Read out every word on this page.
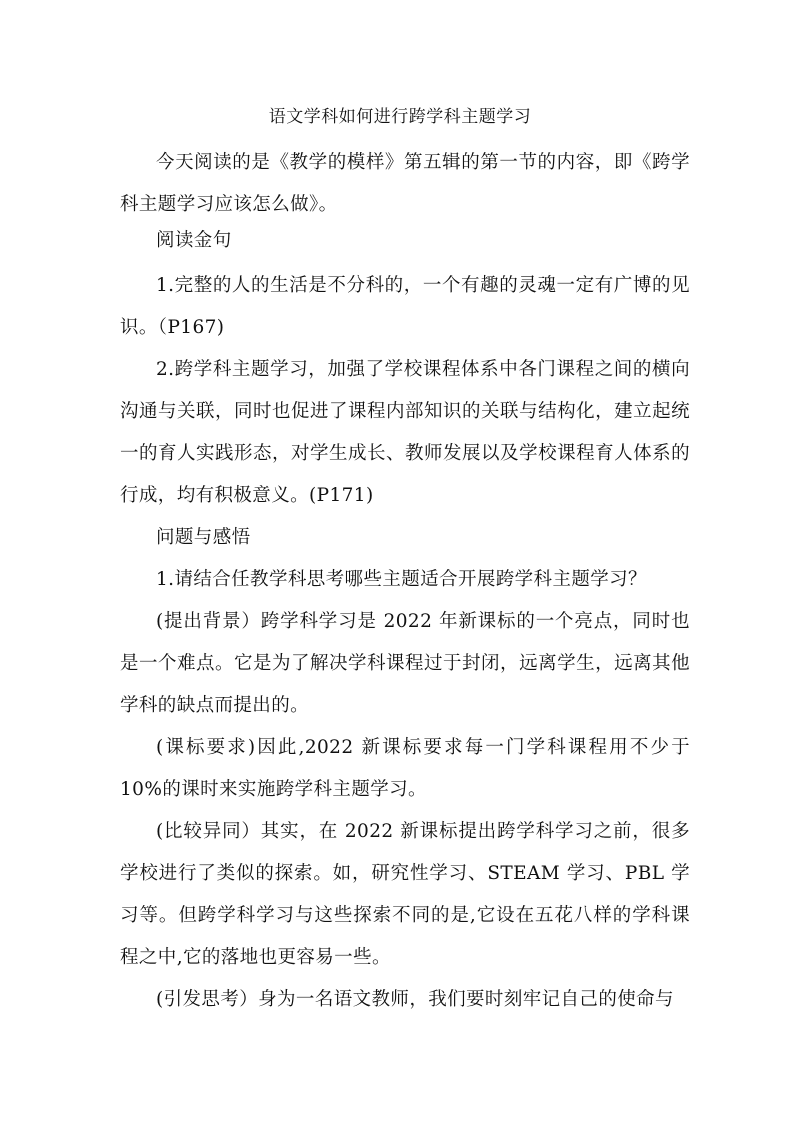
语文学科如何进行跨学科主题学习

今天阅读的是《教学的模样》第五辑的第一节的内容，即《跨学科主题学习应该怎么做》。

阅读金句

1.完整的人的生活是不分科的，一个有趣的灵魂一定有广博的见识。（P167)

2.跨学科主题学习，加强了学校课程体系中各门课程之间的横向沟通与关联，同时也促进了课程内部知识的关联与结构化，建立起统一的育人实践形态，对学生成长、教师发展以及学校课程育人体系的行成，均有积极意义。(P171)

问题与感悟

1.请结合任教学科思考哪些主题适合开展跨学科主题学习？

(提出背景）跨学科学习是 2022 年新课标的一个亮点，同时也是一个难点。它是为了解决学科课程过于封闭，远离学生，远离其他学科的缺点而提出的。

(课标要求)因此,2022 新课标要求每一门学科课程用不少于 10%的课时来实施跨学科主题学习。

(比较异同）其实，在 2022 新课标提出跨学科学习之前，很多学校进行了类似的探索。如，研究性学习、STEAM 学习、PBL 学习等。但跨学科学习与这些探索不同的是,它设在五花八样的学科课程之中,它的落地也更容易一些。

(引发思考）身为一名语文教师，我们要时刻牢记自己的使命与
